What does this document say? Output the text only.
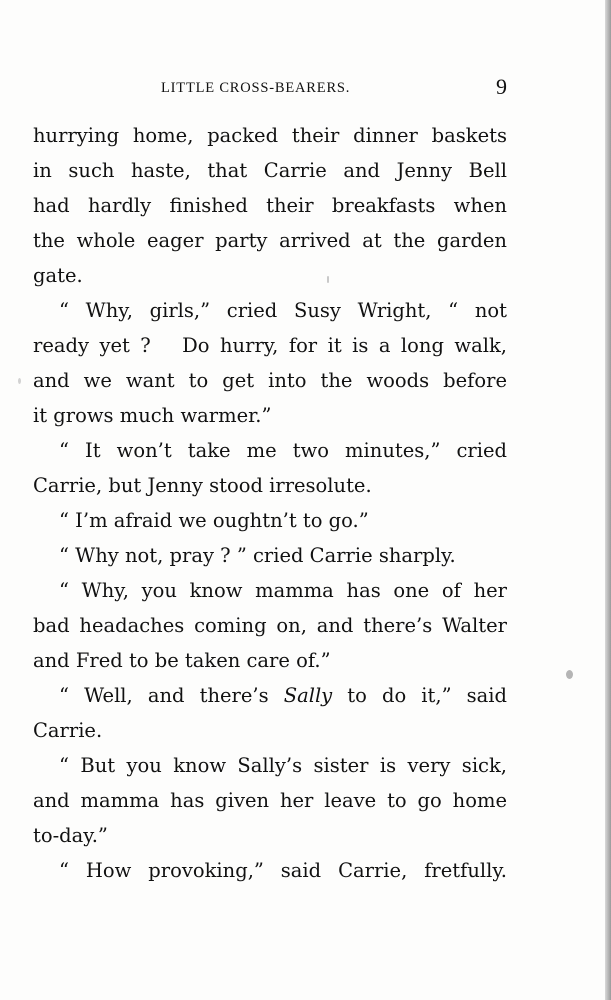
LITTLE CROSS-BEARERS.	9
hurrying home, packed their dinner baskets
in such haste, that Carrie and Jenny Bell
had hardly finished their breakfasts when
the whole eager party arrived at the garden
gate.
“ Why, girls,” cried Susy Wright, “ not
ready yet ?   Do hurry, for it is a long walk,
and we want to get into the woods before
it grows much warmer.”
“ It won’t take me two minutes,” cried
Carrie, but Jenny stood irresolute.
“ I’m afraid we oughtn’t to go.”
“ Why not, pray ? ” cried Carrie sharply.
“ Why, you know mamma has one of her
bad headaches coming on, and there’s Walter
and Fred to be taken care of.”
“ Well, and there’s Sally to do it,” said
Carrie.
“ But you know Sally’s sister is very sick,
and mamma has given her leave to go home
to-day.”
“ How provoking,” said Carrie, fretfully.
